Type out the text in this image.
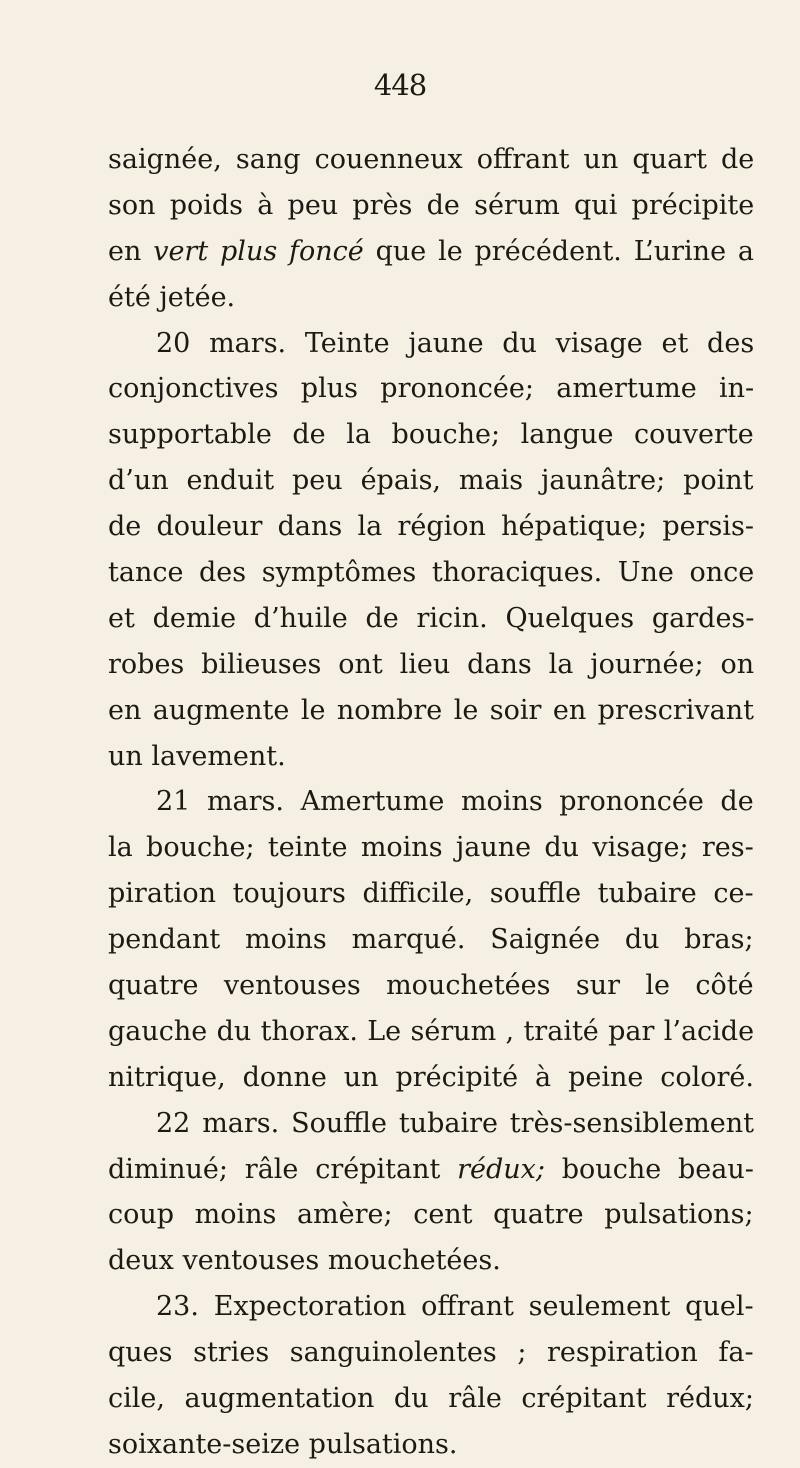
448
saignée, sang couenneux offrant un quart de
son poids à peu près de sérum qui précipite
en vert plus foncé que le précédent. L’urine a
été jetée.
20 mars. Teinte jaune du visage et des
conjonctives plus prononcée; amertume in-
supportable de la bouche; langue couverte
d’un enduit peu épais, mais jaunâtre; point
de douleur dans la région hépatique; persis-
tance des symptômes thoraciques. Une once
et demie d’huile de ricin. Quelques gardes-
robes bilieuses ont lieu dans la journée; on
en augmente le nombre le soir en prescrivant
un lavement.
21 mars. Amertume moins prononcée de
la bouche; teinte moins jaune du visage; res-
piration toujours difficile, souffle tubaire ce-
pendant moins marqué. Saignée du bras;
quatre ventouses mouchetées sur le côté
gauche du thorax. Le sérum , traité par l’acide
nitrique, donne un précipité à peine coloré.
22 mars. Souffle tubaire très-sensiblement
diminué; râle crépitant rédux; bouche beau-
coup moins amère; cent quatre pulsations;
deux ventouses mouchetées.
23. Expectoration offrant seulement quel-
ques stries sanguinolentes ; respiration fa-
cile, augmentation du râle crépitant rédux;
soixante-seize pulsations.
